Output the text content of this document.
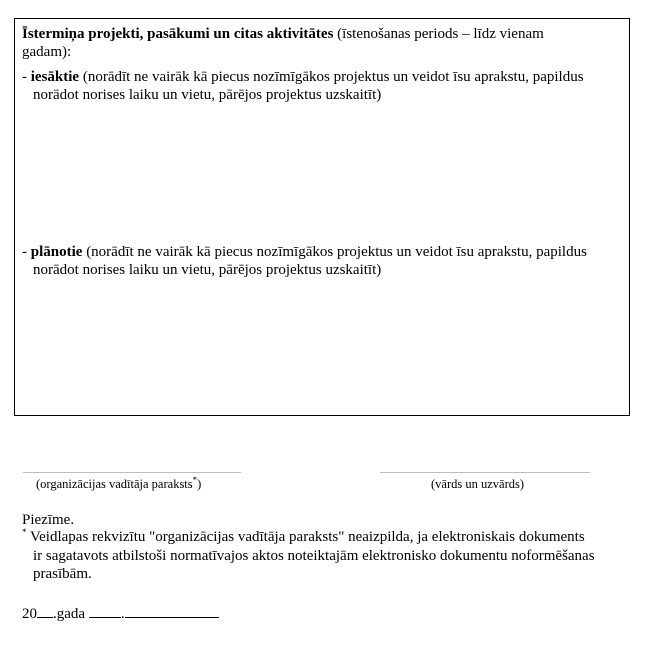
Īstermiņa projekti, pasākumi un citas aktivitātes (īstenošanas periods – līdz vienam
gadam):
- iesāktie (norādīt ne vairāk kā piecus nozīmīgākos projektus un veidot īsu aprakstu, papildus
norādot norises laiku un vietu, pārējos projektus uzskaitīt)
- plānotie (norādīt ne vairāk kā piecus nozīmīgākos projektus un veidot īsu aprakstu, papildus
norādot norises laiku un vietu, pārējos projektus uzskaitīt)
(organizācijas vadītāja paraksts*)	(vārds un uzvārds)
Piezīme.
* Veidlapas rekvizītu "organizācijas vadītāja paraksts" neaizpilda, ja elektroniskais dokuments
ir sagatavots atbilstoši normatīvajos aktos noteiktajām elektronisko dokumentu noformēšanas
prasībām.
20 .gada .
